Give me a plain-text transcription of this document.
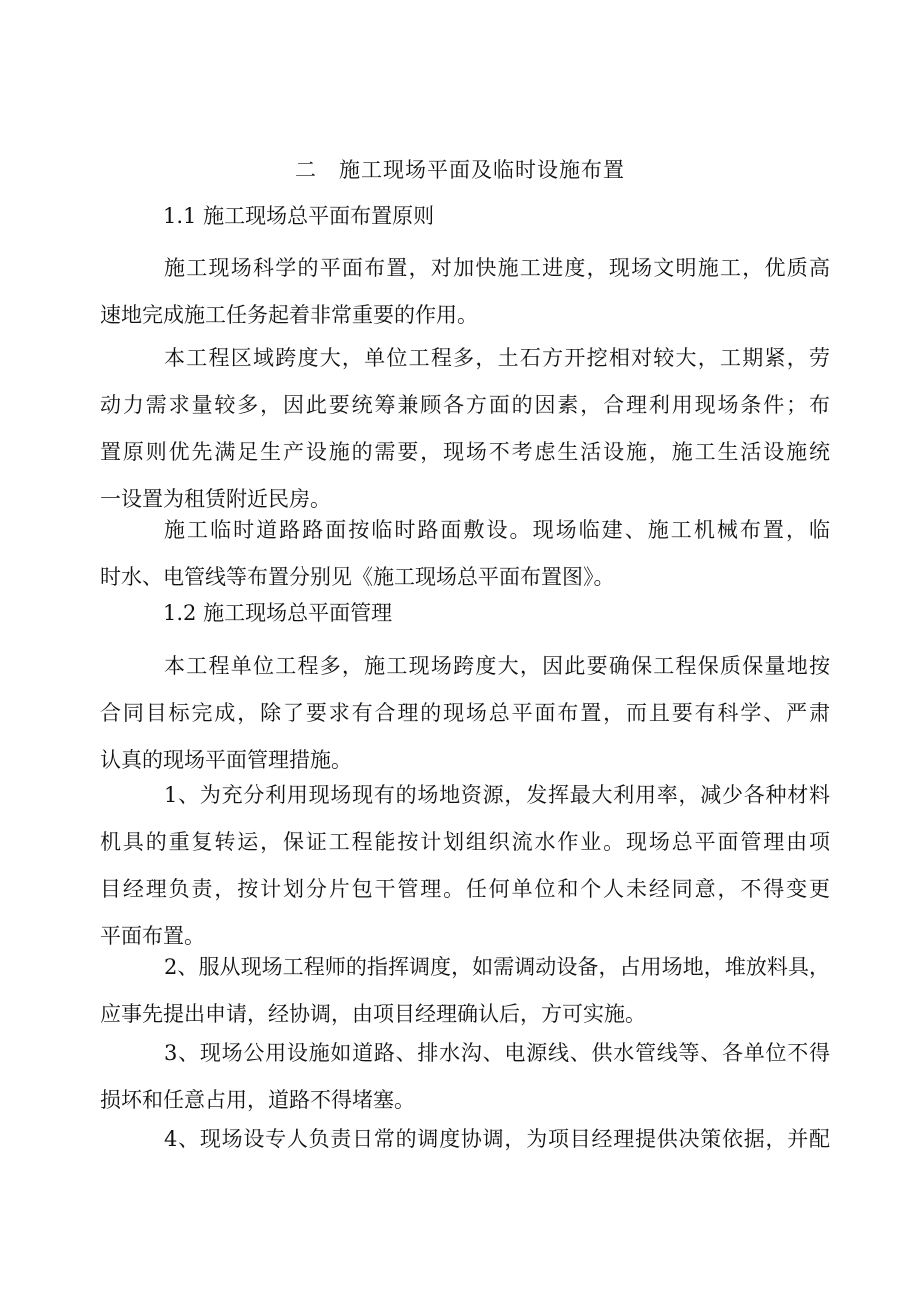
二　施工现场平面及临时设施布置
1.1 施工现场总平面布置原则
施工现场科学的平面布置，对加快施工进度，现场文明施工，优质高
速地完成施工任务起着非常重要的作用。
本工程区域跨度大，单位工程多，土石方开挖相对较大，工期紧，劳
动力需求量较多，因此要统筹兼顾各方面的因素，合理利用现场条件；布
置原则优先满足生产设施的需要，现场不考虑生活设施，施工生活设施统
一设置为租赁附近民房。
施工临时道路路面按临时路面敷设。现场临建、施工机械布置，临
时水、电管线等布置分别见《施工现场总平面布置图》。
1.2 施工现场总平面管理
本工程单位工程多，施工现场跨度大，因此要确保工程保质保量地按
合同目标完成，除了要求有合理的现场总平面布置，而且要有科学、严肃
认真的现场平面管理措施。
1、为充分利用现场现有的场地资源，发挥最大利用率，减少各种材料
机具的重复转运，保证工程能按计划组织流水作业。现场总平面管理由项
目经理负责，按计划分片包干管理。任何单位和个人未经同意，不得变更
平面布置。
2、服从现场工程师的指挥调度，如需调动设备，占用场地，堆放料具，
应事先提出申请，经协调，由项目经理确认后，方可实施。
3、现场公用设施如道路、排水沟、电源线、供水管线等、各单位不得
损坏和任意占用，道路不得堵塞。
4、现场设专人负责日常的调度协调，为项目经理提供决策依据，并配
